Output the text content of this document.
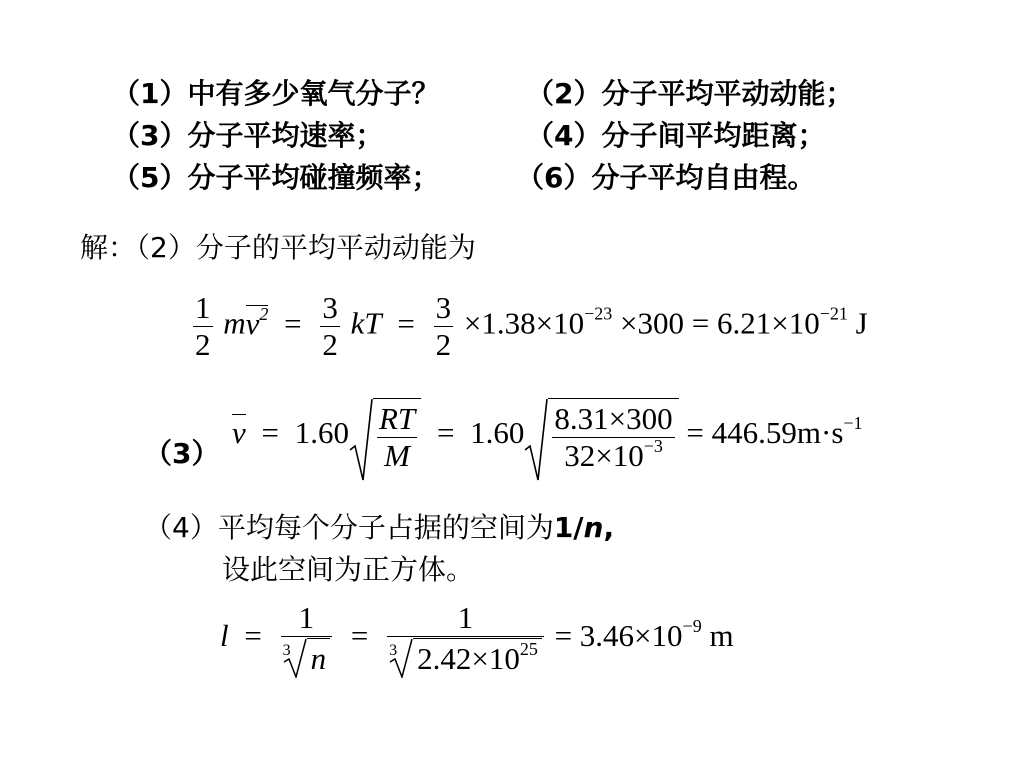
（1）中有多少氧气分子？	（2）分子平均平动动能；
（3）分子平均速率；	（4）分子间平均距离；
（5）分子平均碰撞频率；	（6）分子平均自由程。
解：（2）分子的平均平动动能为
$\frac{1}{2} mv^2 = \frac{3}{2}$ kT = $\frac{3}{2} \times 1.38\times 10^{-23} \times 300 = 6.21\times 10^{-21}$ J
（3）
$v = 1.60 \frac{RT}{M} = 1.60 \frac{8.31\times 300}{32\times 10^{-3}} = 446.59m\cdot s^{-1}$
（4）平均每个分子占据的空间为1/n,
设此空间为正方体。
$l = \frac{1}{3 n} = \frac{1}{3 2.42\times 10^{25}} = 3.46\times 10^{-9}$ m
